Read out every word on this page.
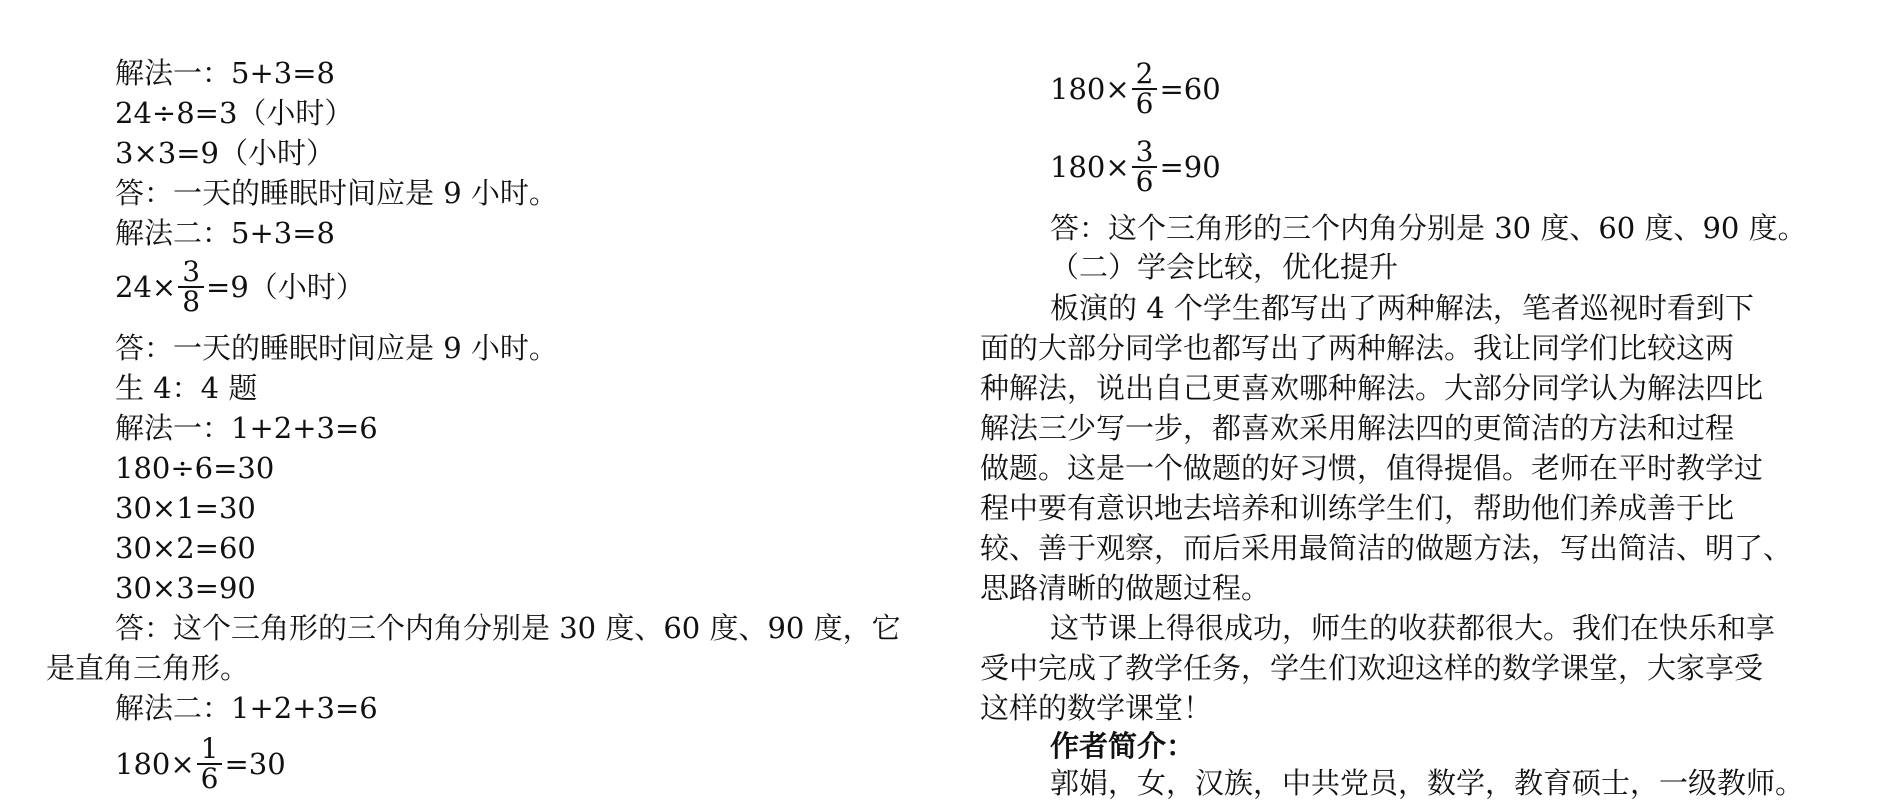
解法一：5+3=8
24÷8=3（小时）
3×3=9（小时）
答：一天的睡眠时间应是 9 小时。
解法二：5+3=8
$24\times \frac{3}{8} =9$（小时）
答：一天的睡眠时间应是 9 小时。
生 4：4 题
解法一：1+2+3=6
180÷6=30
30×1=30
30×2=60
30×3=90
答：这个三角形的三个内角分别是 30 度、60 度、90 度，它
是直角三角形。
解法二：1+2+3=6
$180\times \frac{1}{6} =30$
$180\times \frac{2}{6} =60$
$180\times \frac{3}{6} =90$
答：这个三角形的三个内角分别是 30 度、60 度、90 度。
（二）学会比较，优化提升
板演的 4 个学生都写出了两种解法，笔者巡视时看到下
面的大部分同学也都写出了两种解法。我让同学们比较这两
种解法，说出自己更喜欢哪种解法。大部分同学认为解法四比
解法三少写一步，都喜欢采用解法四的更简洁的方法和过程
做题。这是一个做题的好习惯，值得提倡。老师在平时教学过
程中要有意识地去培养和训练学生们，帮助他们养成善于比
较、善于观察，而后采用最简洁的做题方法，写出简洁、明了、
思路清晰的做题过程。
这节课上得很成功，师生的收获都很大。我们在快乐和享
受中完成了教学任务，学生们欢迎这样的数学课堂，大家享受
这样的数学课堂！
作者简介：
郭娟，女，汉族，中共党员，数学，教育硕士，一级教师。
